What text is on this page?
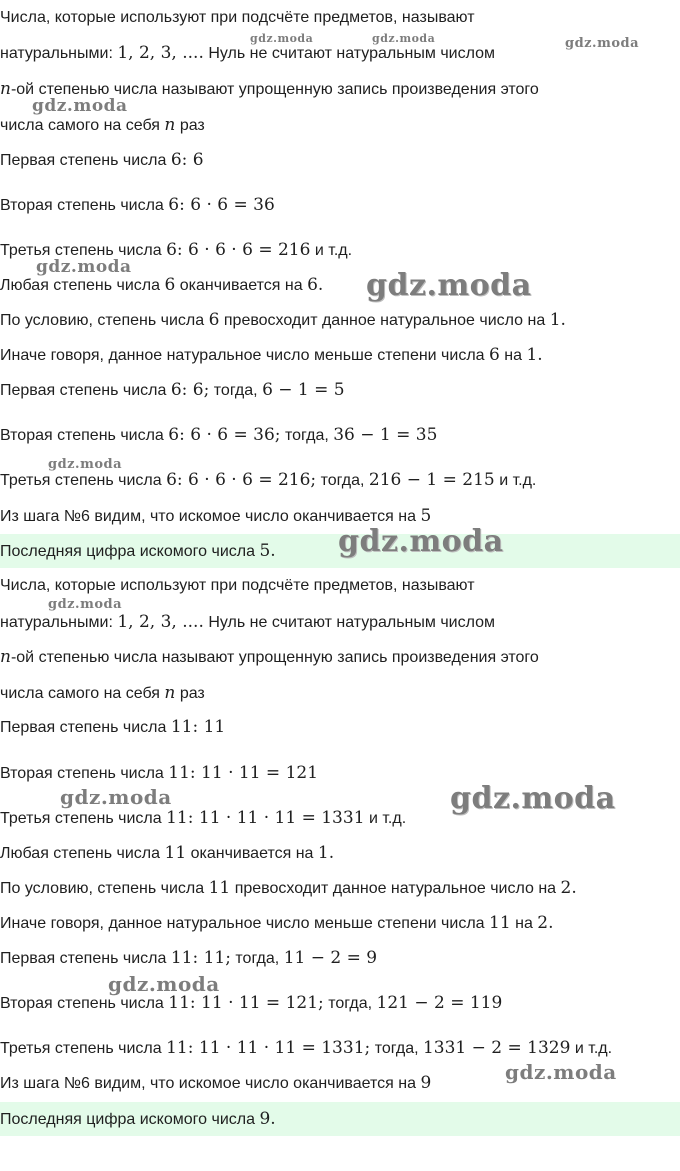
Числа, которые используют при подсчёте предметов, называют
натуральными: 1, 2, 3, .... Нуль не считают натуральным числом
n-ой степенью числа называют упрощенную запись произведения этого
числа самого на себя n раз
Первая степень числа 6: 6
Вторая степень числа 6: 6 · 6 = 36
Третья степень числа 6: 6 · 6 · 6 = 216 и т.д.
Любая степень числа 6 оканчивается на 6.
По условию, степень числа 6 превосходит данное натуральное число на 1.
Иначе говоря, данное натуральное число меньше степени числа 6 на 1.
Первая степень числа 6: 6; тогда, 6 − 1 = 5
Вторая степень числа 6: 6 · 6 = 36; тогда, 36 − 1 = 35
Третья степень числа 6: 6 · 6 · 6 = 216; тогда, 216 − 1 = 215 и т.д.
Из шага №6 видим, что искомое число оканчивается на 5
Последняя цифра искомого числа 5.
Числа, которые используют при подсчёте предметов, называют
натуральными: 1, 2, 3, .... Нуль не считают натуральным числом
n-ой степенью числа называют упрощенную запись произведения этого
числа самого на себя n раз
Первая степень числа 11: 11
Вторая степень числа 11: 11 · 11 = 121
Третья степень числа 11: 11 · 11 · 11 = 1331 и т.д.
Любая степень числа 11 оканчивается на 1.
По условию, степень числа 11 превосходит данное натуральное число на 2.
Иначе говоря, данное натуральное число меньше степени числа 11 на 2.
Первая степень числа 11: 11; тогда, 11 − 2 = 9
Вторая степень числа 11: 11 · 11 = 121; тогда, 121 − 2 = 119
Третья степень числа 11: 11 · 11 · 11 = 1331; тогда, 1331 − 2 = 1329 и т.д.
Из шага №6 видим, что искомое число оканчивается на 9
Последняя цифра искомого числа 9.
gdz.moda	gdz.moda	gdz.moda
gdz.moda
gdz.moda
gdz.moda
gdz.moda
gdz.moda
gdz.moda
gdz.moda	gdz.moda
gdz.moda
gdz.moda
